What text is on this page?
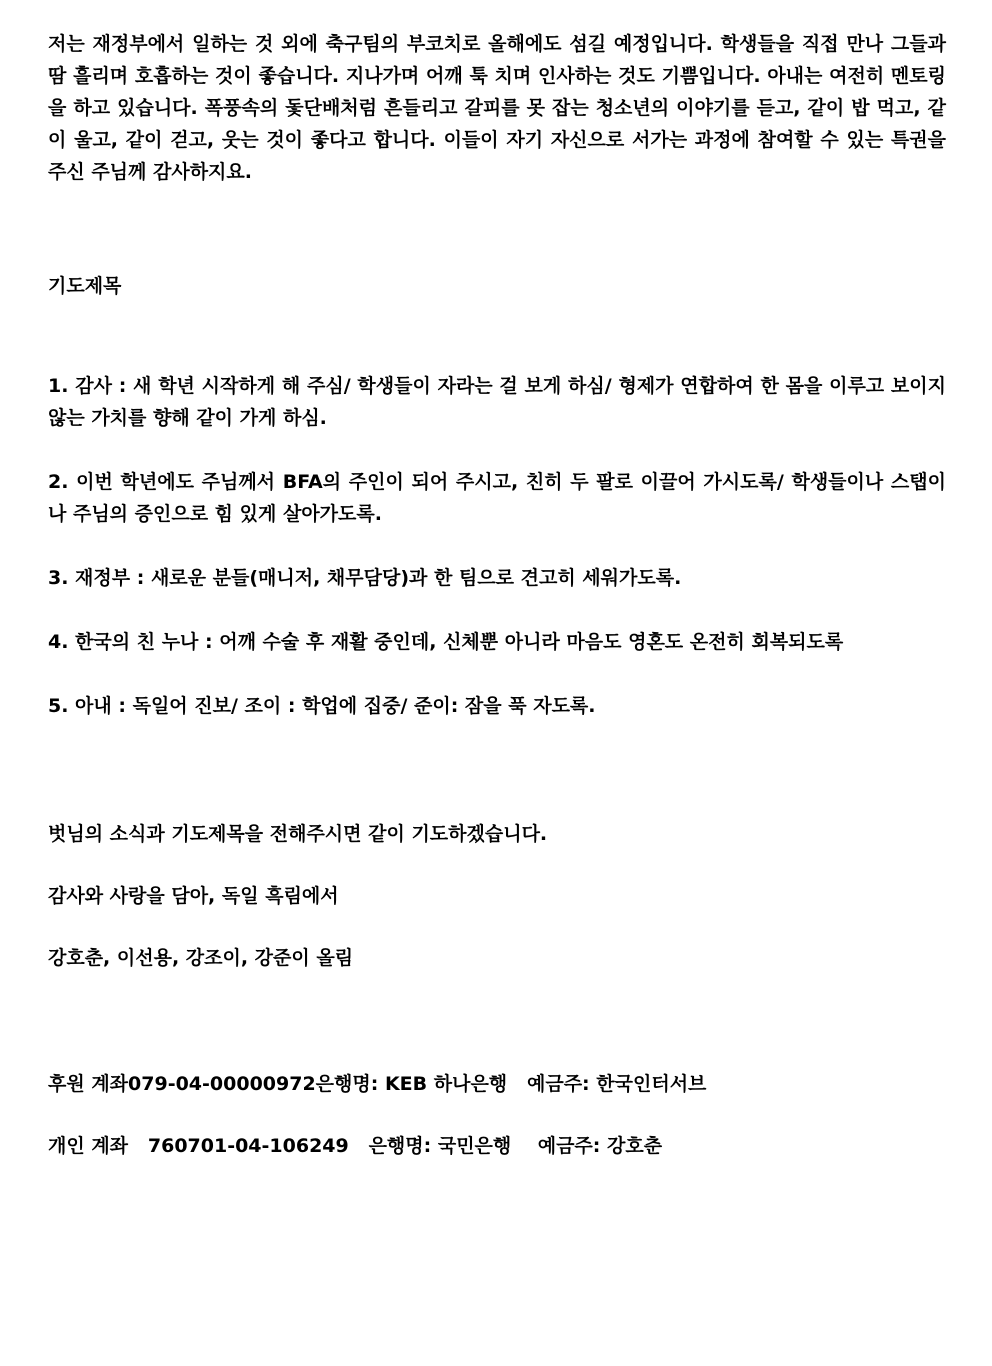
저는 재정부에서 일하는 것 외에 축구팀의 부코치로 올해에도 섬길 예정입니다. 학생들을 직접 만나 그들과 땀 흘리며 호흡하는 것이 좋습니다. 지나가며 어깨 툭 치며 인사하는 것도 기쁨입니다. 아내는 여전히 멘토링을 하고 있습니다. 폭풍속의 돛단배처럼 흔들리고 갈피를 못 잡는 청소년의 이야기를 듣고, 같이 밥 먹고, 같이 울고, 같이 걷고, 웃는 것이 좋다고 합니다. 이들이 자기 자신으로 서가는 과정에 참여할 수 있는 특권을 주신 주님께 감사하지요.

기도제목

1. 감사 : 새 학년 시작하게 해 주심/ 학생들이 자라는 걸 보게 하심/ 형제가 연합하여 한 몸을 이루고 보이지 않는 가치를 향해 같이 가게 하심.

2. 이번 학년에도 주님께서 BFA의 주인이 되어 주시고, 친히 두 팔로 이끌어 가시도록/ 학생들이나 스탭이나 주님의 증인으로 힘 있게 살아가도록.

3. 재정부 : 새로운 분들(매니저, 채무담당)과 한 팀으로 견고히 세워가도록.

4. 한국의 친 누나 : 어깨 수술 후 재활 중인데, 신체뿐 아니라 마음도 영혼도 온전히 회복되도록

5. 아내 : 독일어 진보/ 조이 : 학업에 집중/ 준이: 잠을 푹 자도록.

벗님의 소식과 기도제목을 전해주시면 같이 기도하겠습니다.

감사와 사랑을 담아, 독일 흑림에서

강호춘, 이선용, 강조이, 강준이 올림

후원 계좌079-04-00000972은행명: KEB 하나은행   예금주: 한국인터서브

개인 계좌   760701-04-106249   은행명: 국민은행    예금주: 강호춘
